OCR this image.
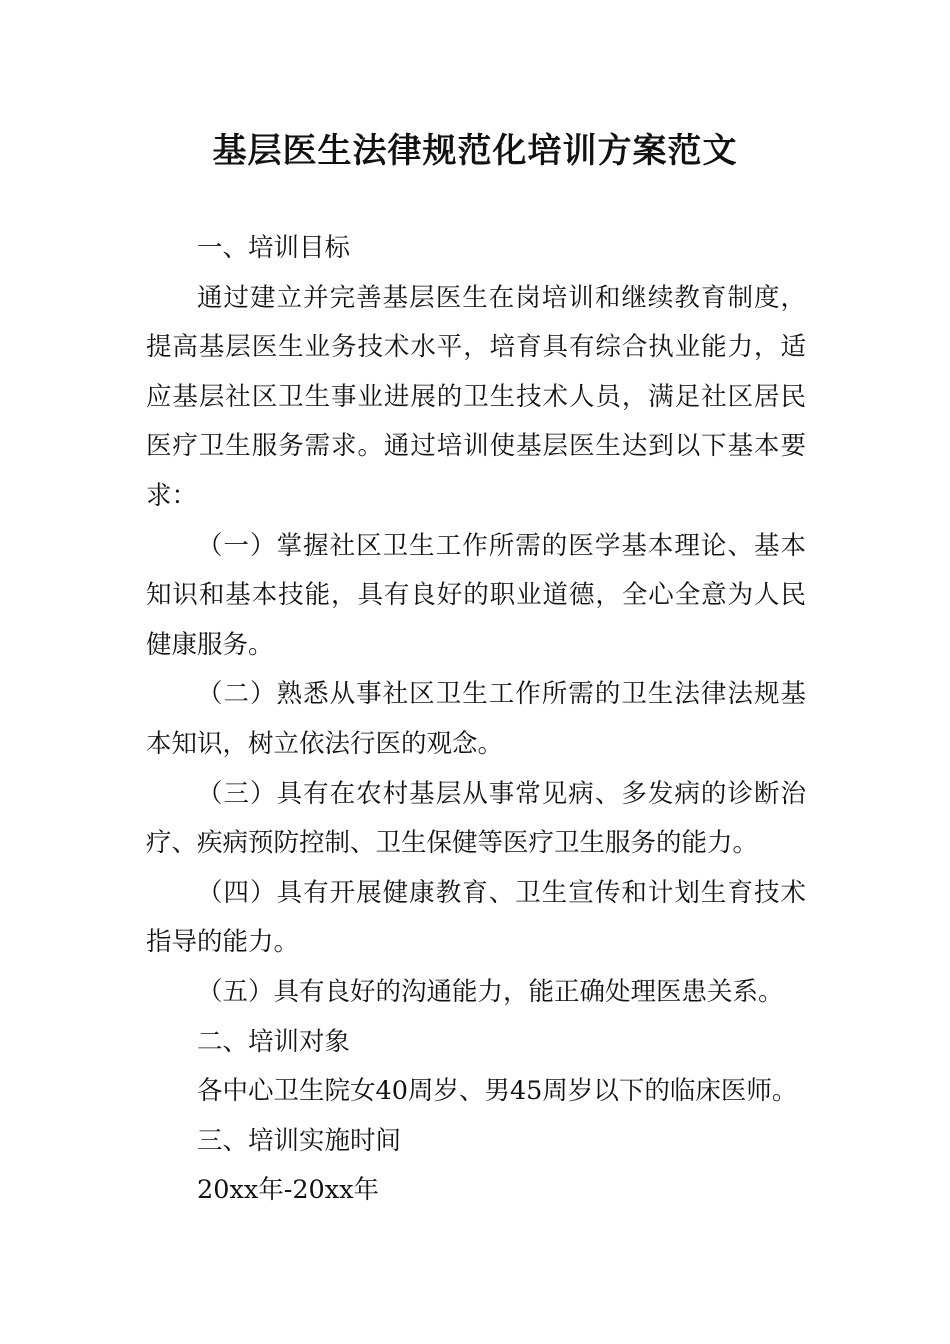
基层医生法律规范化培训方案范文

一、培训目标

通过建立并完善基层医生在岗培训和继续教育制度，提高基层医生业务技术水平，培育具有综合执业能力，适应基层社区卫生事业进展的卫生技术人员，满足社区居民医疗卫生服务需求。通过培训使基层医生达到以下基本要求：

（一）掌握社区卫生工作所需的医学基本理论、基本知识和基本技能，具有良好的职业道德，全心全意为人民健康服务。

（二）熟悉从事社区卫生工作所需的卫生法律法规基本知识，树立依法行医的观念。

（三）具有在农村基层从事常见病、多发病的诊断治疗、疾病预防控制、卫生保健等医疗卫生服务的能力。

（四）具有开展健康教育、卫生宣传和计划生育技术指导的能力。

（五）具有良好的沟通能力，能正确处理医患关系。

二、培训对象

各中心卫生院女40周岁、男45周岁以下的临床医师。

三、培训实施时间

20xx年-20xx年
